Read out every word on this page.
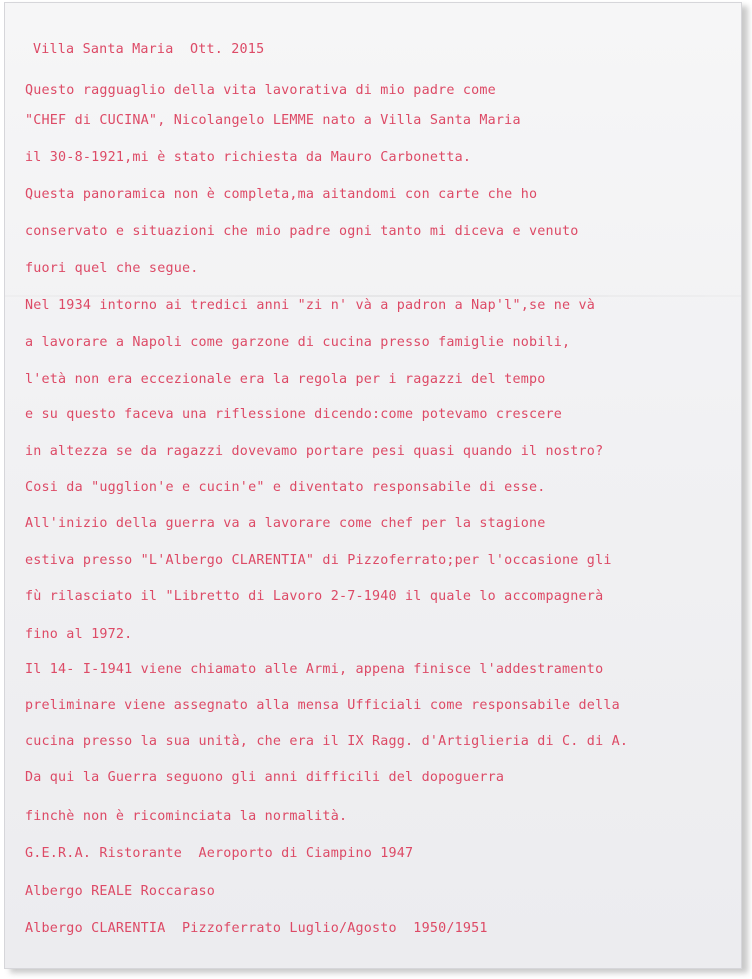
Villa Santa Maria  Ott. 2015
Questo ragguaglio della vita lavorativa di mio padre come
"CHEF di CUCINA", Nicolangelo LEMME nato a Villa Santa Maria
il 30-8-1921,mi è stato richiesta da Mauro Carbonetta.
Questa panoramica non è completa,ma aitandomi con carte che ho
conservato e situazioni che mio padre ogni tanto mi diceva e venuto
fuori quel che segue.
Nel 1934 intorno ai tredici anni "zi n' và a padron a Nap'l",se ne và
a lavorare a Napoli come garzone di cucina presso famiglie nobili,
l'età non era eccezionale era la regola per i ragazzi del tempo
e su questo faceva una riflessione dicendo:come potevamo crescere
in altezza se da ragazzi dovevamo portare pesi quasi quando il nostro?
Cosi da "ugglion'e e cucin'e" e diventato responsabile di esse.
All'inizio della guerra va a lavorare come chef per la stagione
estiva presso "L'Albergo CLARENTIA" di Pizzoferrato;per l'occasione gli
fù rilasciato il "Libretto di Lavoro 2-7-1940 il quale lo accompagnerà
fino al 1972.
Il 14- I-1941 viene chiamato alle Armi, appena finisce l'addestramento
preliminare viene assegnato alla mensa Ufficiali come responsabile della
cucina presso la sua unità, che era il IX Ragg. d'Artiglieria di C. di A.
Da qui la Guerra seguono gli anni difficili del dopoguerra
finchè non è ricominciata la normalità.
G.E.R.A. Ristorante  Aeroporto di Ciampino 1947
Albergo REALE Roccaraso
Albergo CLARENTIA  Pizzoferrato Luglio/Agosto  1950/1951
